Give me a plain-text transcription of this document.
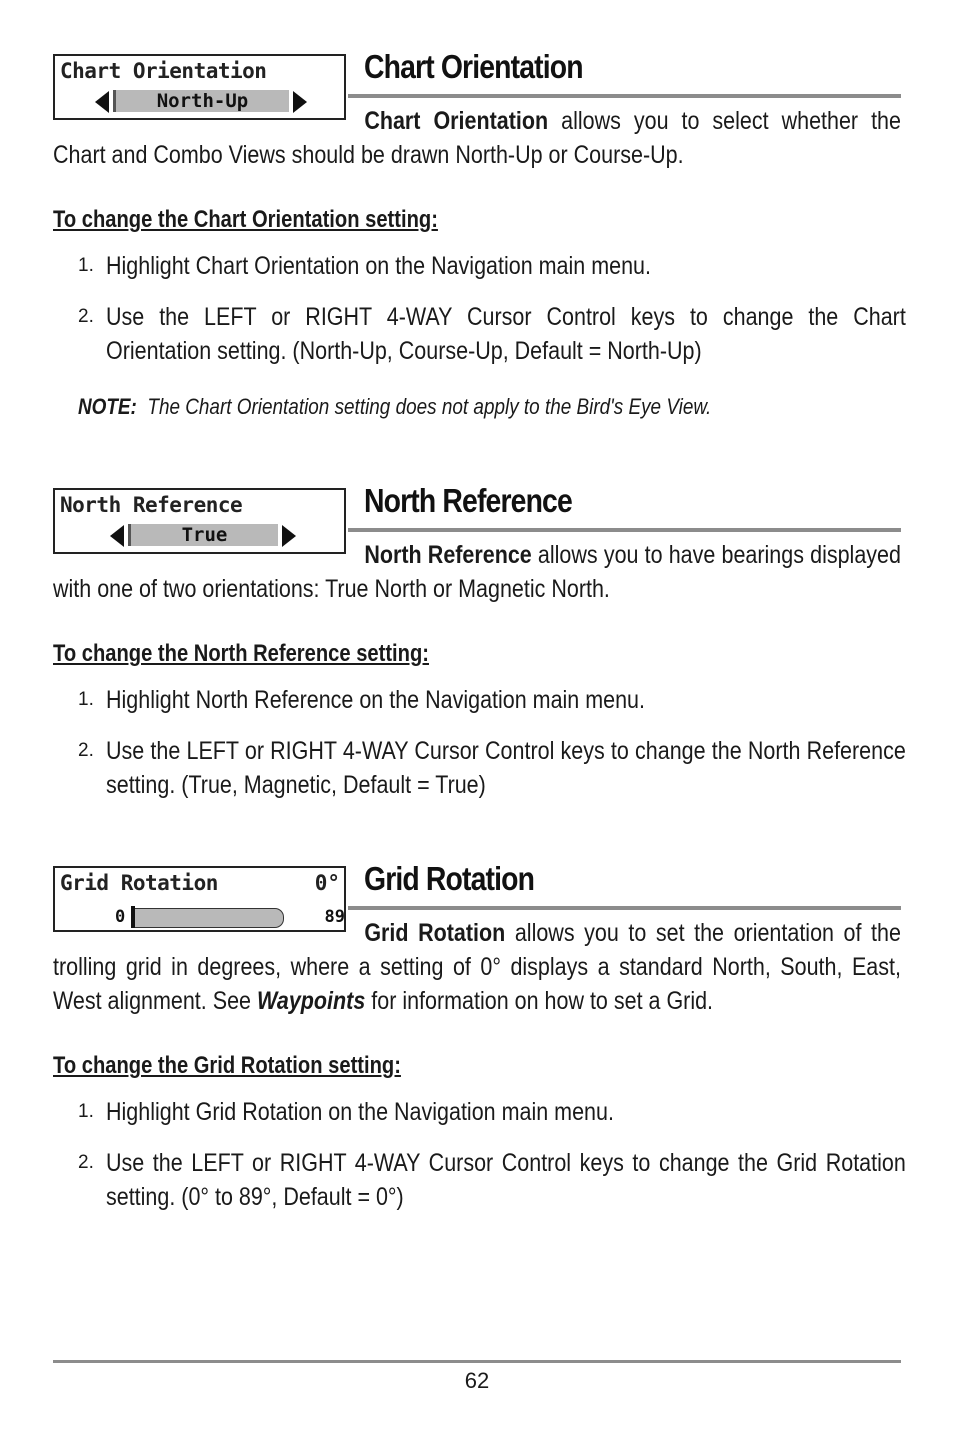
Chart Orientation
North-Up
Chart Orientation
Chart Orientation allows you to select whether the Chart and Combo Views should be drawn North-Up or Course-Up.
To change the Chart Orientation setting:
1. Highlight Chart Orientation on the Navigation main menu.
2. Use the LEFT or RIGHT 4-WAY Cursor Control keys to change the Chart Orientation setting. (North-Up, Course-Up, Default = North-Up)
NOTE: The Chart Orientation setting does not apply to the Bird's Eye View.
North Reference
True
North Reference
North Reference allows you to have bearings displayed with one of two orientations: True North or Magnetic North.
To change the North Reference setting:
1. Highlight North Reference on the Navigation main menu.
2. Use the LEFT or RIGHT 4-WAY Cursor Control keys to change the North Reference setting. (True, Magnetic, Default = True)
Grid Rotation	0°
0	89
Grid Rotation
Grid Rotation allows you to set the orientation of the trolling grid in degrees, where a setting of 0° displays a standard North, South, East, West alignment. See Waypoints for information on how to set a Grid.
To change the Grid Rotation setting:
1. Highlight Grid Rotation on the Navigation main menu.
2. Use the LEFT or RIGHT 4-WAY Cursor Control keys to change the Grid Rotation setting. (0° to 89°, Default = 0°)
62
